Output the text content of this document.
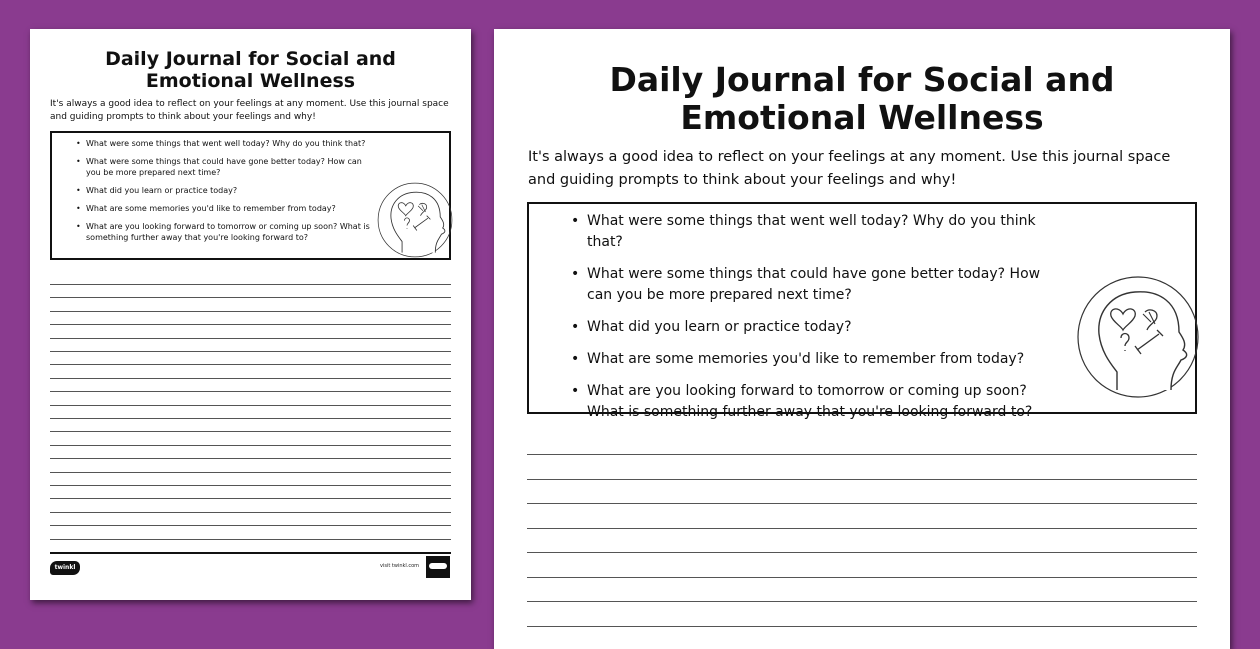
Daily Journal for Social and
Emotional Wellness

It's always a good idea to reflect on your feelings at any moment. Use this journal space and guiding prompts to think about your feelings and why!

• What were some things that went well today? Why do you think that?
• What were some things that could have gone better today? How can you be more prepared next time?
• What did you learn or practice today?
• What are some memories you'd like to remember from today?
• What are you looking forward to tomorrow or coming up soon? What is something further away that you're looking forward to?
twinkl	visit twinkl.com
Daily Journal for Social and
Emotional Wellness

It's always a good idea to reflect on your feelings at any moment. Use this journal space and guiding prompts to think about your feelings and why!

• What were some things that went well today? Why do you think that?
• What were some things that could have gone better today? How can you be more prepared next time?
• What did you learn or practice today?
• What are some memories you'd like to remember from today?
• What are you looking forward to tomorrow or coming up soon? What is something further away that you're looking forward to?
